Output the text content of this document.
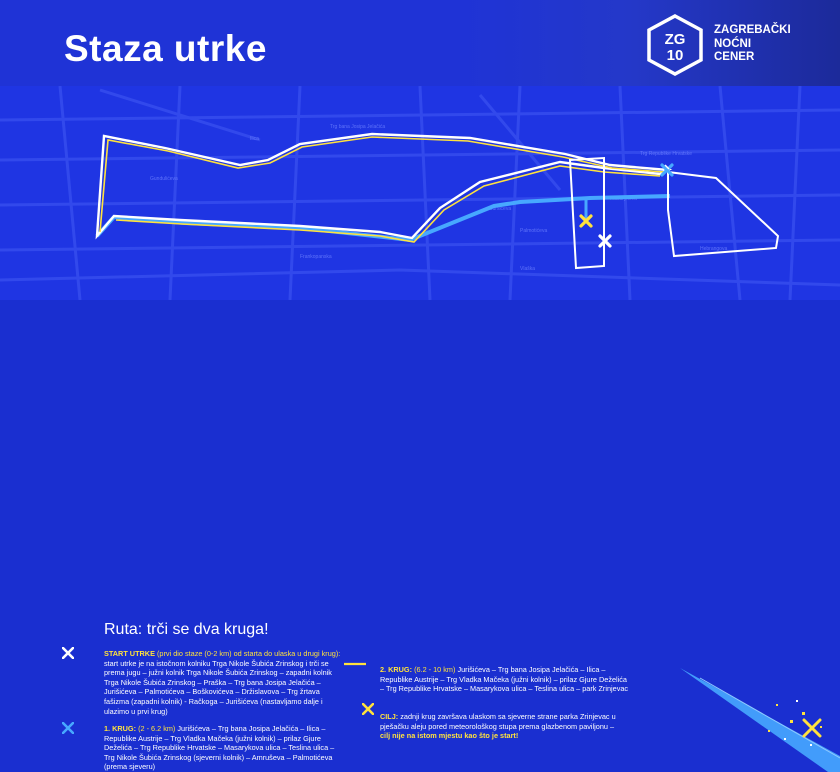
Staza utrke	ZG
10
ZAGREBAČKI
NOĆNI
CENER
Ilica
Trg bana Josipa Jelačića
Juršićeva
Palmotićeva
Frankopanska
Gundulićeva
Trg Republike Hrvatske
Masarykova
Hebrangova
Vlaška
Ruta: trči se dva kruga!
START UTRKE (prvi dio staze (0-2 km) od starta do ulaska u drugi krug): start utrke je na istočnom kolniku Trga Nikole Šubića Zrinskog i trči se prema jugu – južni kolnik Trga Nikole Šubića Zrinskog – zapadni kolnik Trga Nikole Šubića Zrinskog – Praška – Trg bana Josipa Jelačića – Jurišićeva – Palmotićeva – Boškovićeva – Držislavova – Trg žrtava fašizma (zapadni kolnik) - Račkoga – Jurišićeva (nastavljamo dalje i ulazimo u prvi krug)
1. KRUG: (2 - 6.2 km) Jurišićeva – Trg bana Josipa Jelačića – Ilica – Republike Austrije – Trg Vladka Mačeka (južni kolnik) – prilaz Gjure Deželića – Trg Republike Hrvatske – Masarykova ulica – Teslina ulica – Trg Nikole Šubića Zrinskog (sjeverni kolnik) – Amruševa – Palmotićeva (prema sjeveru)
2. KRUG: (6.2 - 10 km) Jurišićeva – Trg bana Josipa Jelačića – Ilica – Republike Austrije – Trg Vladka Mačeka (južni kolnik) – prilaz Gjure Deželića – Trg Republike Hrvatske – Masarykova ulica – Teslina ulica – park Zrinjevac
CILJ: zadnji krug završava ulaskom sa sjeverne strane parka Zrinjevac u pješačku aleju pored meteorološkog stupa prema glazbenom paviljonu – cilj nije na istom mjestu kao što je start!
